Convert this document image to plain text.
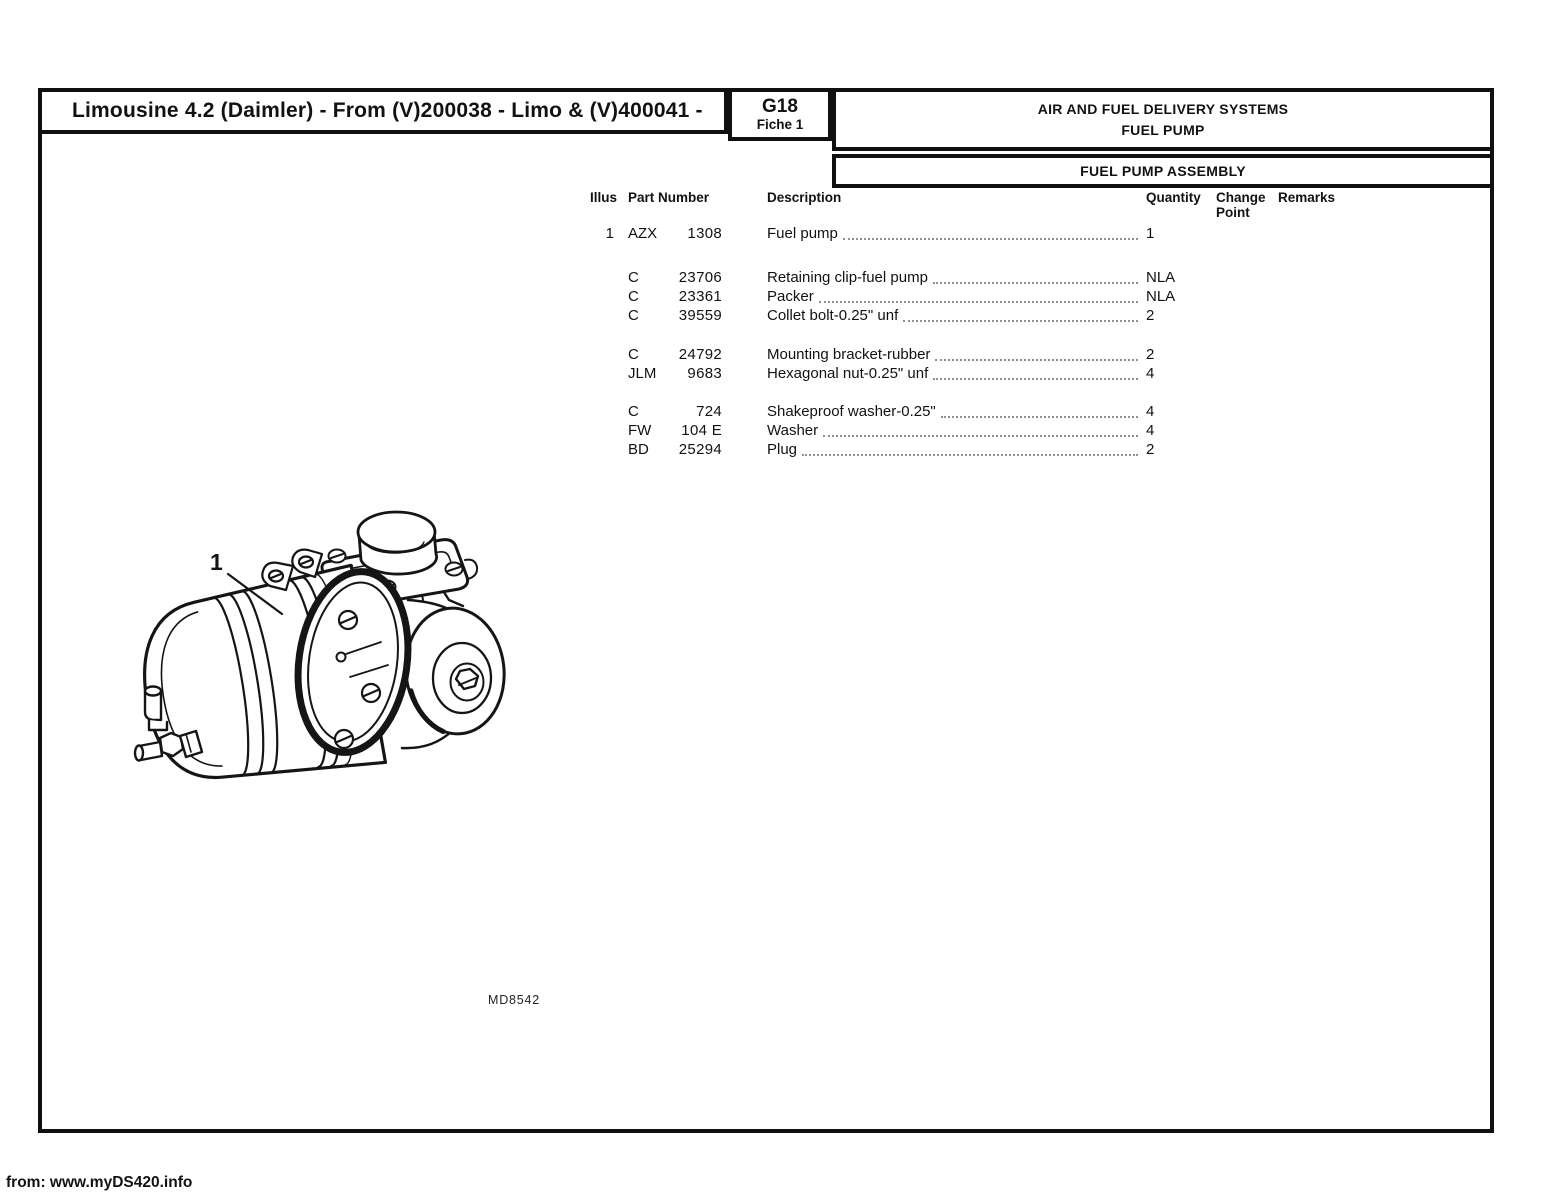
Limousine 4.2 (Daimler) - From (V)200038 - Limo & (V)400041 -	G18
Fiche 1
AIR AND FUEL DELIVERY SYSTEMS
FUEL PUMP
FUEL PUMP ASSEMBLY
Illus Part Number	Description	Quantity	Change
Point
Remarks
1 AZX	1308	Fuel pump	1
C	23706	Retaining clip-fuel pump	NLA
C	23361	Packer	NLA
C	39559	Collet bolt-0.25" unf	2
C	24792	Mounting bracket-rubber	2
JLM	9683	Hexagonal nut-0.25" unf	4
C	724	Shakeproof washer-0.25"	4
FW	104 E	Washer	4
BD	25294	Plug	2
1
MD8542
from: www.myDS420.info
